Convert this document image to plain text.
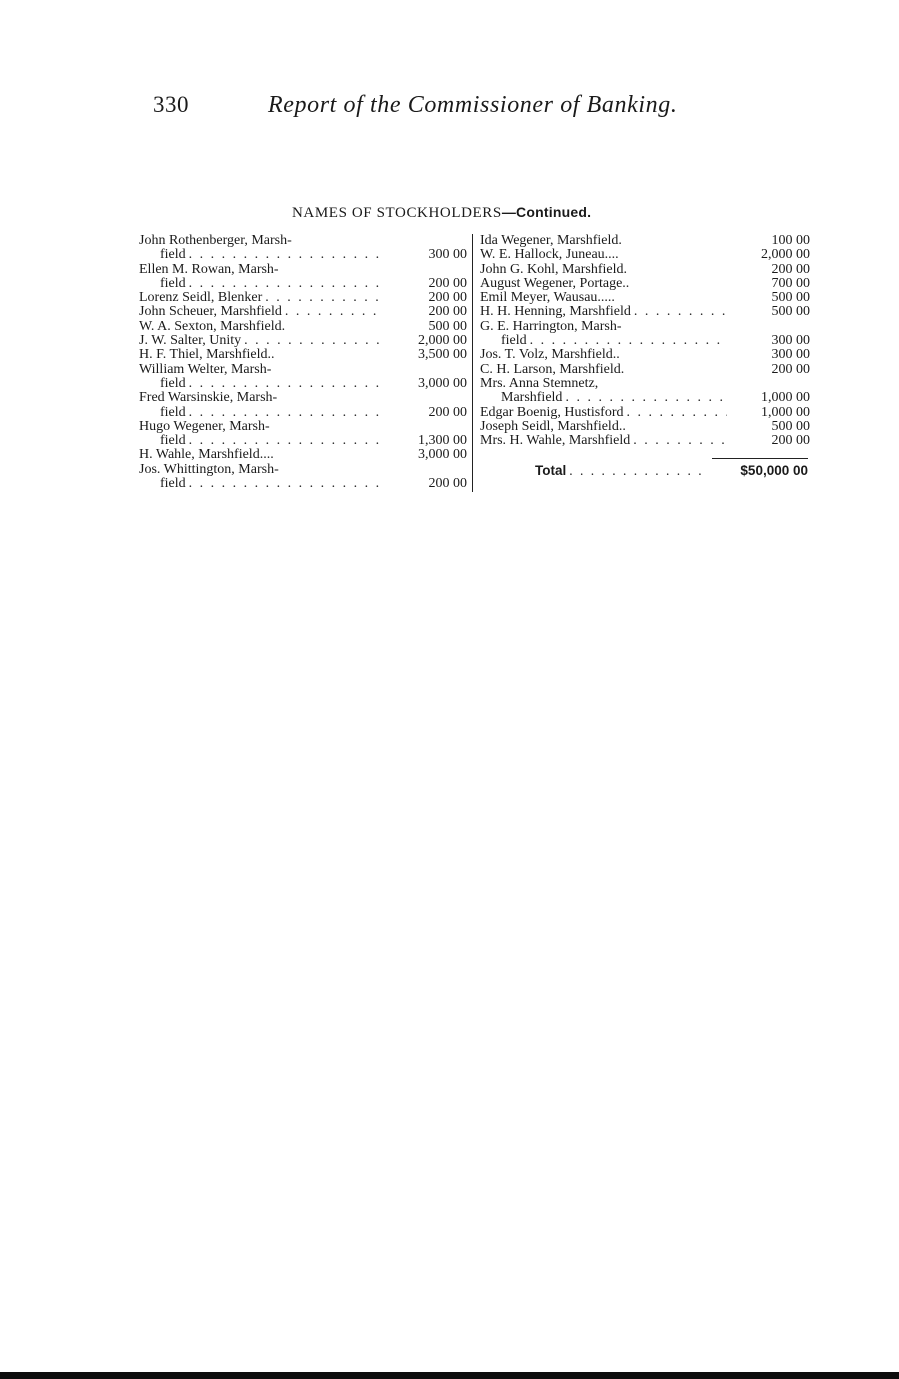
330	Report of the Commissioner of Banking.
NAMES OF STOCKHOLDERS—Continued.
John Rothenberger, Marsh-
field . . .	300 00
Ellen M. Rowan, Marsh-
field . . .	200 00
Lorenz Seidl, Blenker . . .	200 00
John Scheuer, Marshfield . . .	200 00
W. A. Sexton, Marshfield.	500 00
J. W. Salter, Unity . . .	2,000 00
H. F. Thiel, Marshfield..	3,500 00
William Welter, Marsh-
field . . .	3,000 00
Fred Warsinskie, Marsh-
field . . .	200 00
Hugo Wegener, Marsh-
field . . .	1,300 00
H. Wahle, Marshfield....	3,000 00
Jos. Whittington, Marsh-
field . . .	200 00
Ida Wegener, Marshfield.	100 00
W. E. Hallock, Juneau....	2,000 00
John G. Kohl, Marshfield.	200 00
August Wegener, Portage..	700 00
Emil Meyer, Wausau.....	500 00
H. H. Henning, Marshfield . . .	500 00
G. E. Harrington, Marsh-
field . . .	300 00
Jos. T. Volz, Marshfield..	300 00
C. H. Larson, Marshfield.	200 00
Mrs. Anna Stemnetz,
Marshfield . . .	1,000 00
Edgar Boenig, Hustisford . . .	1,000 00
Joseph Seidl, Marshfield..	500 00
Mrs. H. Wahle, Marshfield . . .	200 00
Total . . .	$50,000 00
